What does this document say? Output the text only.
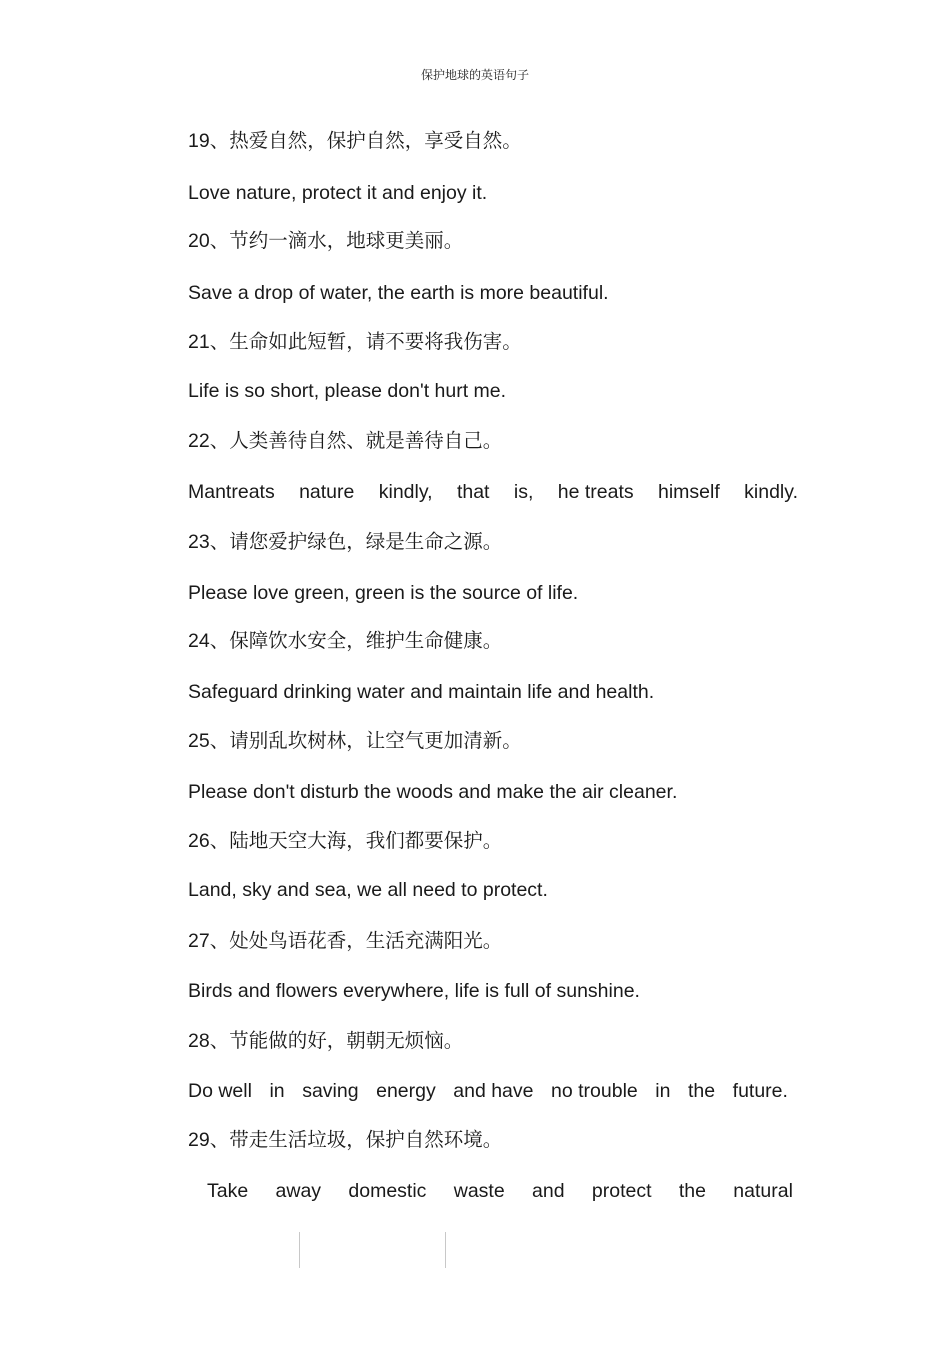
保护地球的英语句子
19、热爱自然，保护自然，享受自然。
Love nature, protect it and enjoy it.
20、节约一滴水，地球更美丽。
Save a drop of water, the earth is more beautiful.
21、生命如此短暂，请不要将我伤害。
Life is so short, please don't hurt me.
22、人类善待自然、就是善待自己。
Mantreats nature kindly, that is, he treats himself kindly.
23、请您爱护绿色，绿是生命之源。
Please love green, green is the source of life.
24、保障饮水安全，维护生命健康。
Safeguard drinking water and maintain life and health.
25、请别乱坎树林，让空气更加清新。
Please don't disturb the woods and make the air cleaner.
26、陆地天空大海，我们都要保护。
Land, sky and sea, we all need to protect.
27、处处鸟语花香，生活充满阳光。
Birds and flowers everywhere, life is full of sunshine.
28、节能做的好，朝朝无烦恼。
Do well in saving energy and have no trouble in the future.
29、带走生活垃圾，保护自然环境。
Take away domestic waste and protect the natural
